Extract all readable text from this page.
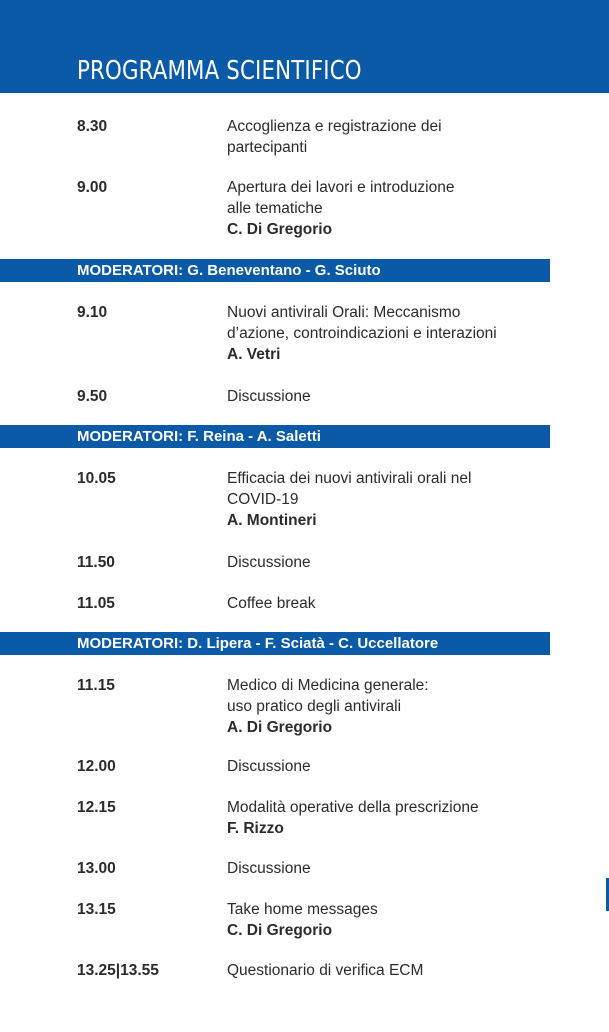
PROGRAMMA SCIENTIFICO
8.30	Accoglienza e registrazione dei
partecipanti
9.00	Apertura dei lavori e introduzione
alle tematiche
C. Di Gregorio
MODERATORI: G. Beneventano - G. Sciuto
9.10	Nuovi antivirali Orali: Meccanismo
d’azione, controindicazioni e interazioni
A. Vetri
9.50	Discussione
MODERATORI: F. Reina - A. Saletti
10.05	Efficacia dei nuovi antivirali orali nel
COVID-19
A. Montineri
11.50	Discussione
11.05	Coffee break
MODERATORI: D. Lipera - F. Sciatà - C. Uccellatore
11.15	Medico di Medicina generale:
uso pratico degli antivirali
A. Di Gregorio
12.00	Discussione
12.15	Modalità operative della prescrizione
F. Rizzo
13.00	Discussione
13.15	Take home messages
C. Di Gregorio
13.25|13.55	Questionario di verifica ECM
